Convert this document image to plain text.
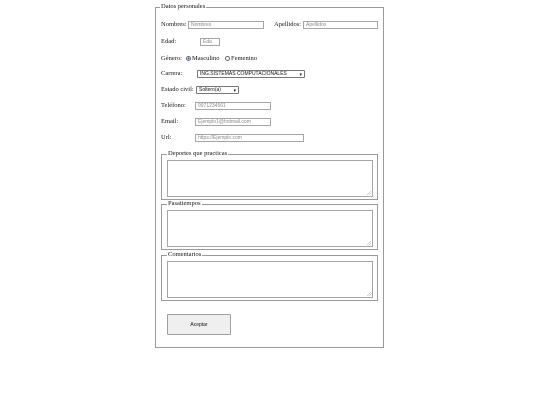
Datos personales
Nombres: Nombres	Apellidos: Apellidos
Edad:	Eda
Género: Masculino Femenino
Carrera:	ING.SISTEMAS COMPUTACIONALES	▾
Estado civil:	Soltero(a)	▾
Teléfono:	9971234561
Email:	Ejemplo1@hotmail.com
Url:	https://Ejemplo.com
Deportes que practicas
Pasatiempos
Comentarios
Aceptar
